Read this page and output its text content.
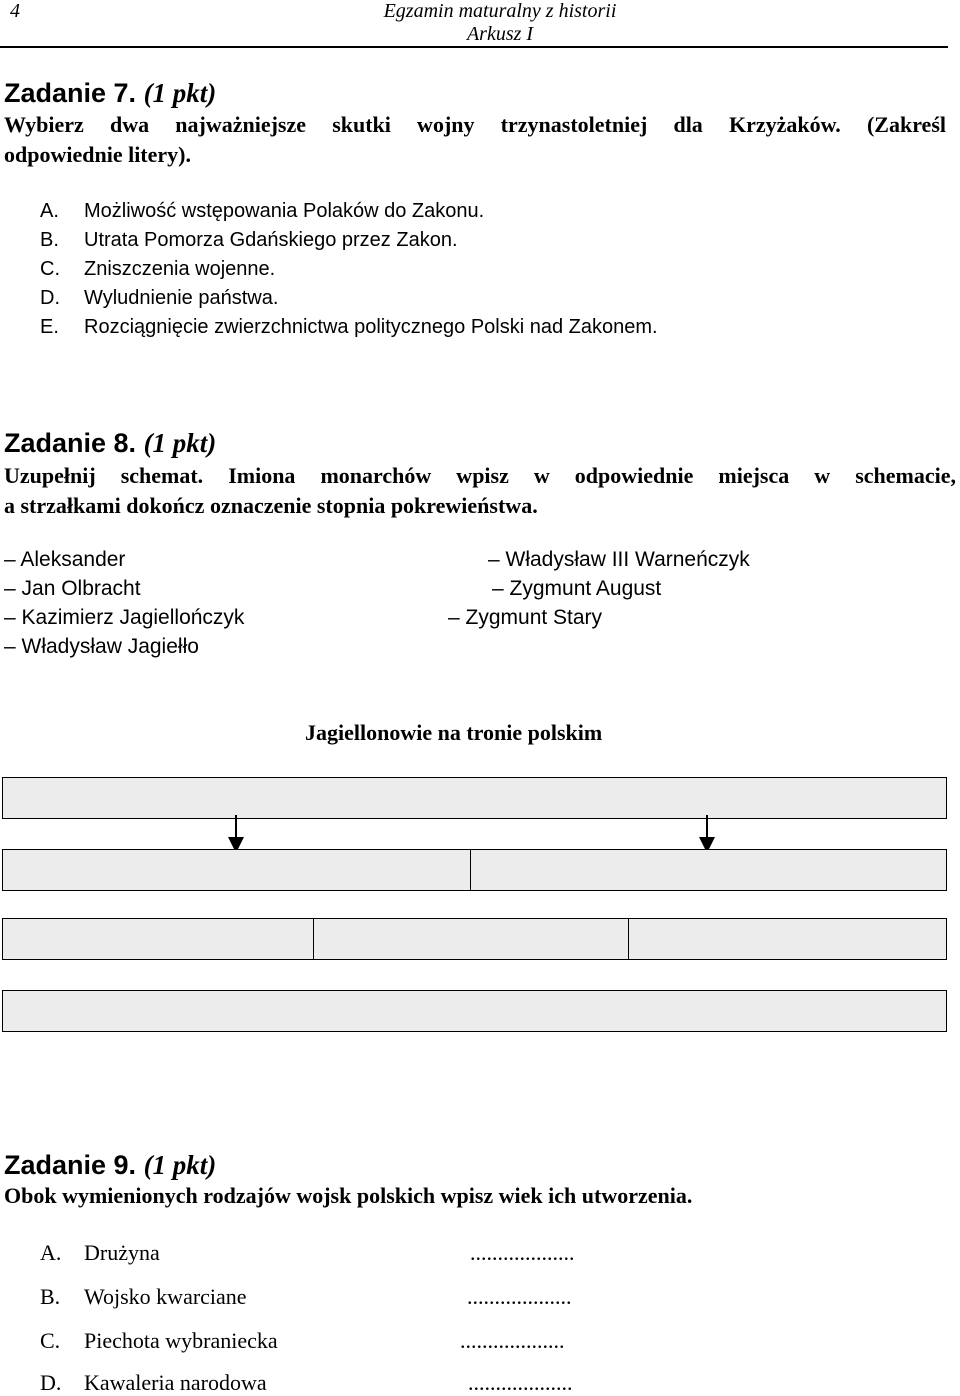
4	Egzamin maturalny z historii
Arkusz I
Zadanie 7. (1 pkt)
Wybierz dwa najważniejsze skutki wojny trzynastoletniej dla Krzyżaków. (Zakreśl
odpowiednie litery).
A. Możliwość wstępowania Polaków do Zakonu.
B. Utrata Pomorza Gdańskiego przez Zakon.
C. Zniszczenia wojenne.
D. Wyludnienie państwa.
E. Rozciągnięcie zwierzchnictwa politycznego Polski nad Zakonem.
Zadanie 8. (1 pkt)
Uzupełnij schemat. Imiona monarchów wpisz w odpowiednie miejsca w schemacie,
a strzałkami dokończ oznaczenie stopnia pokrewieństwa.
– Aleksander
– Jan Olbracht
– Kazimierz Jagiellończyk
– Władysław Jagiełło
– Władysław III Warneńczyk
– Zygmunt August
– Zygmunt Stary
Jagiellonowie na tronie polskim
Zadanie 9. (1 pkt)
Obok wymienionych rodzajów wojsk polskich wpisz wiek ich utworzenia.
A. Drużyna	...................
B. Wojsko kwarciane	...................
C. Piechota wybraniecka	...................
D. Kawaleria narodowa	...................
